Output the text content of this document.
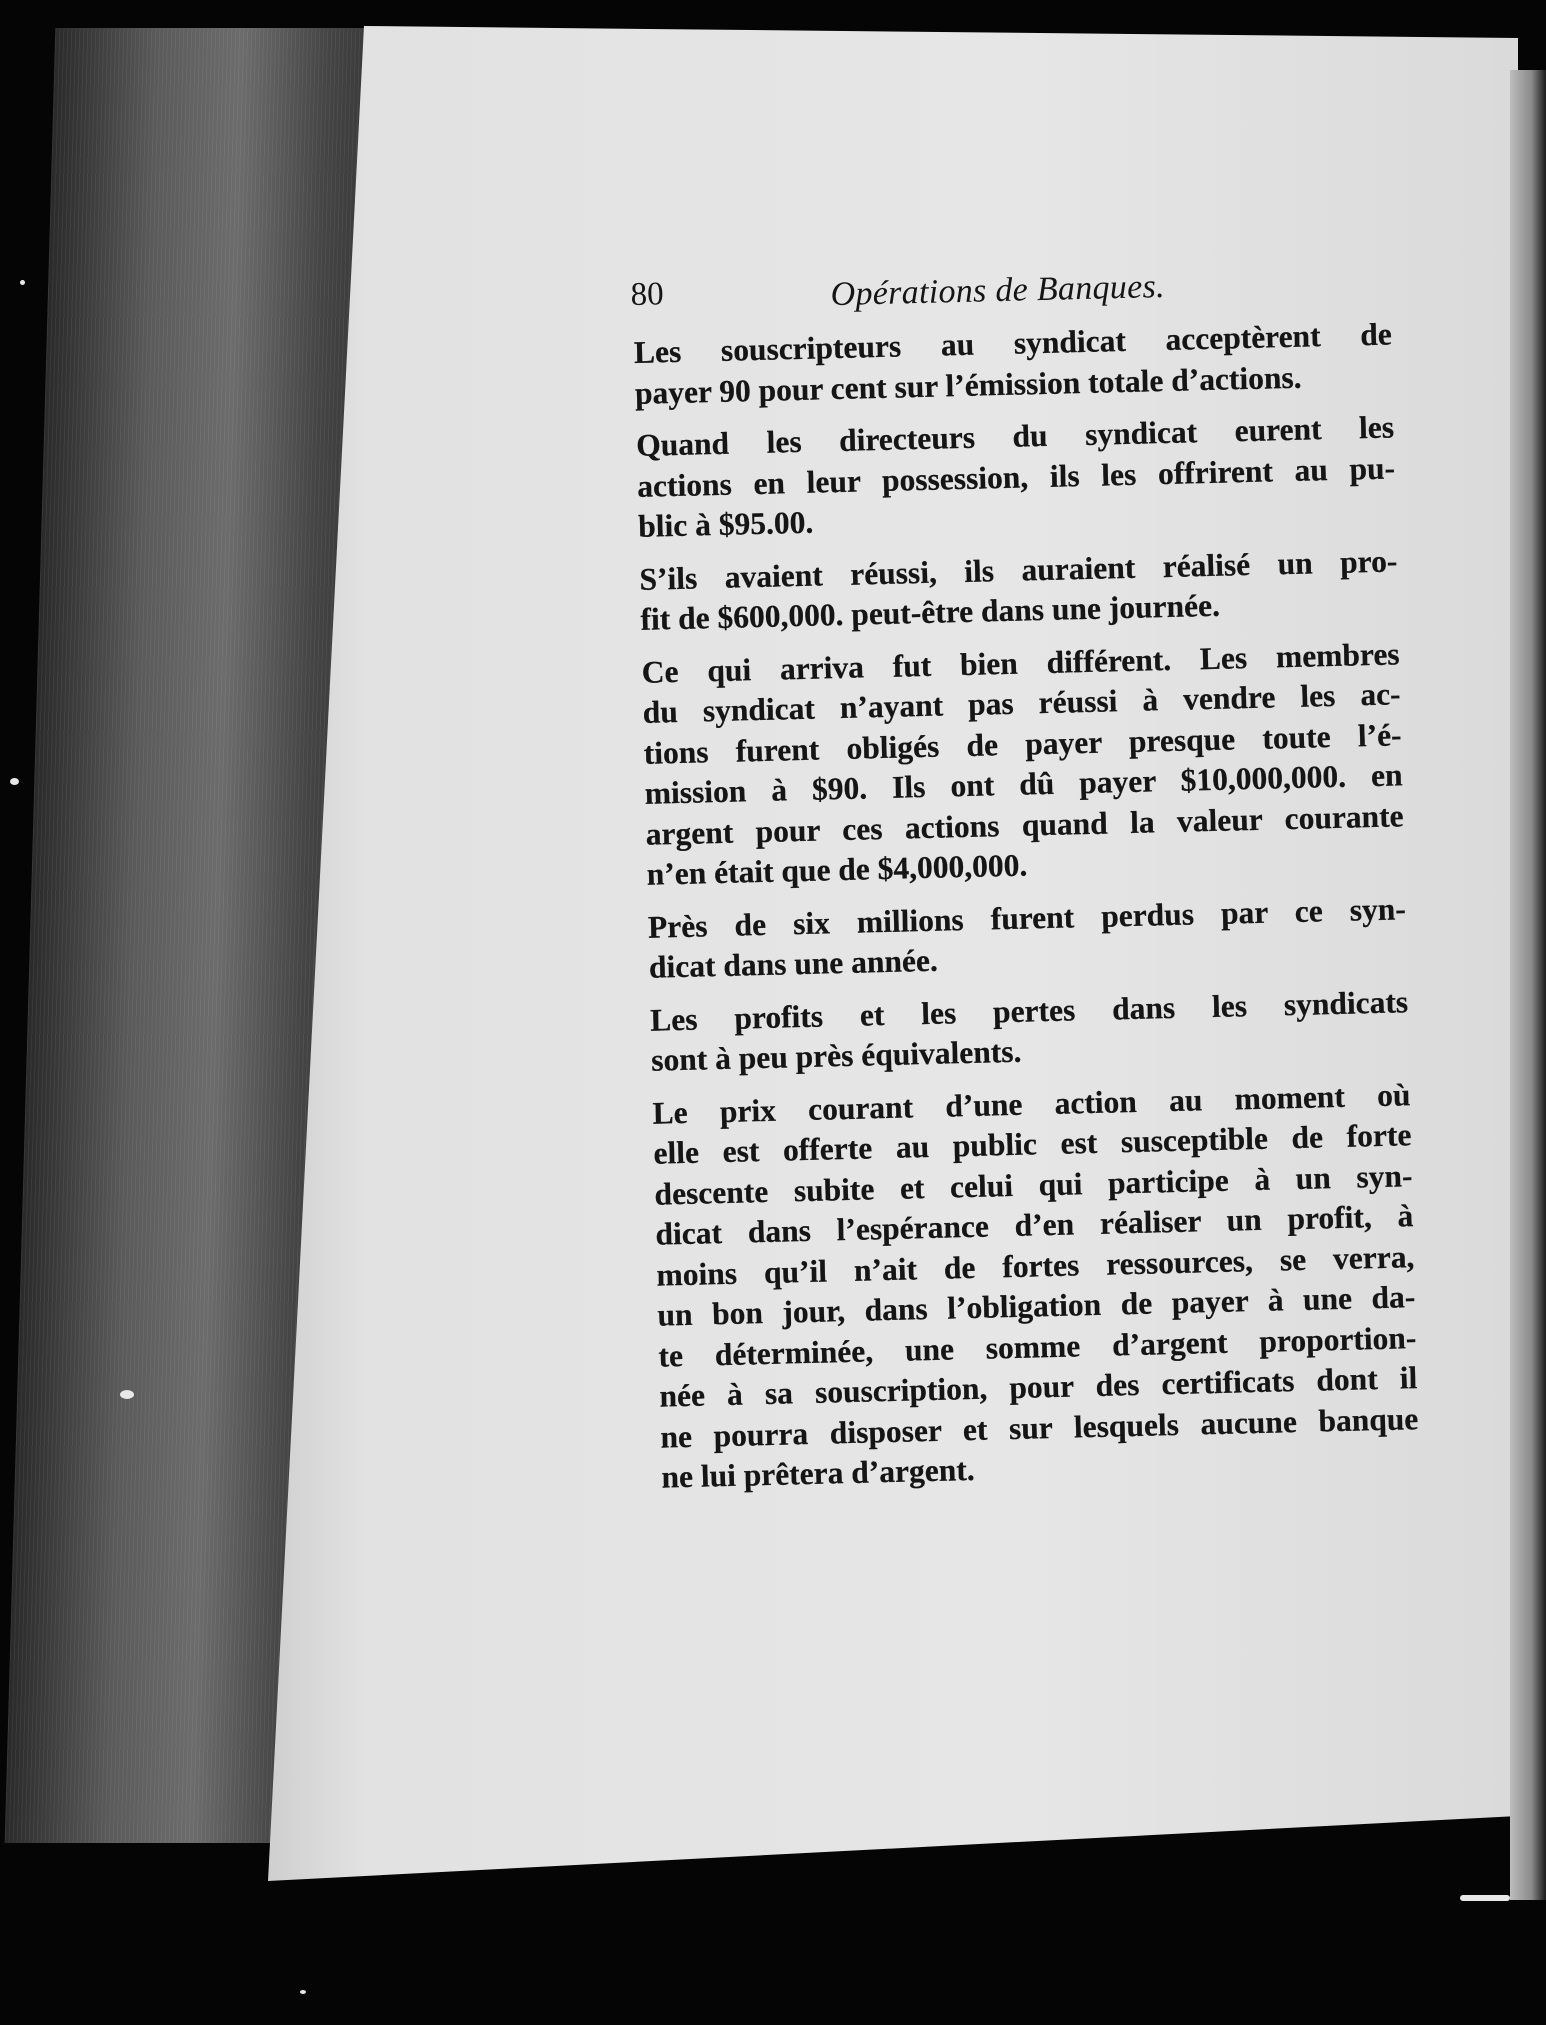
80	Opérations de Banques.

Les souscripteurs au syndicat acceptèrent de
payer 90 pour cent sur l’émission totale d’actions.

Quand les directeurs du syndicat eurent les
actions en leur possession, ils les offrirent au pu-
blic à $95.00.

S’ils avaient réussi, ils auraient réalisé un pro-
fit de $600,000. peut-être dans une journée.

Ce qui arriva fut bien différent. Les membres
du syndicat n’ayant pas réussi à vendre les ac-
tions furent obligés de payer presque toute l’é-
mission à $90. Ils ont dû payer $10,000,000. en
argent pour ces actions quand la valeur courante
n’en était que de $4,000,000.

Près de six millions furent perdus par ce syn-
dicat dans une année.

Les profits et les pertes dans les syndicats
sont à peu près équivalents.

Le prix courant d’une action au moment où
elle est offerte au public est susceptible de forte
descente subite et celui qui participe à un syn-
dicat dans l’espérance d’en réaliser un profit, à
moins qu’il n’ait de fortes ressources, se verra,
un bon jour, dans l’obligation de payer à une da-
te déterminée, une somme d’argent proportion-
née à sa souscription, pour des certificats dont il
ne pourra disposer et sur lesquels aucune banque
ne lui prêtera d’argent.
